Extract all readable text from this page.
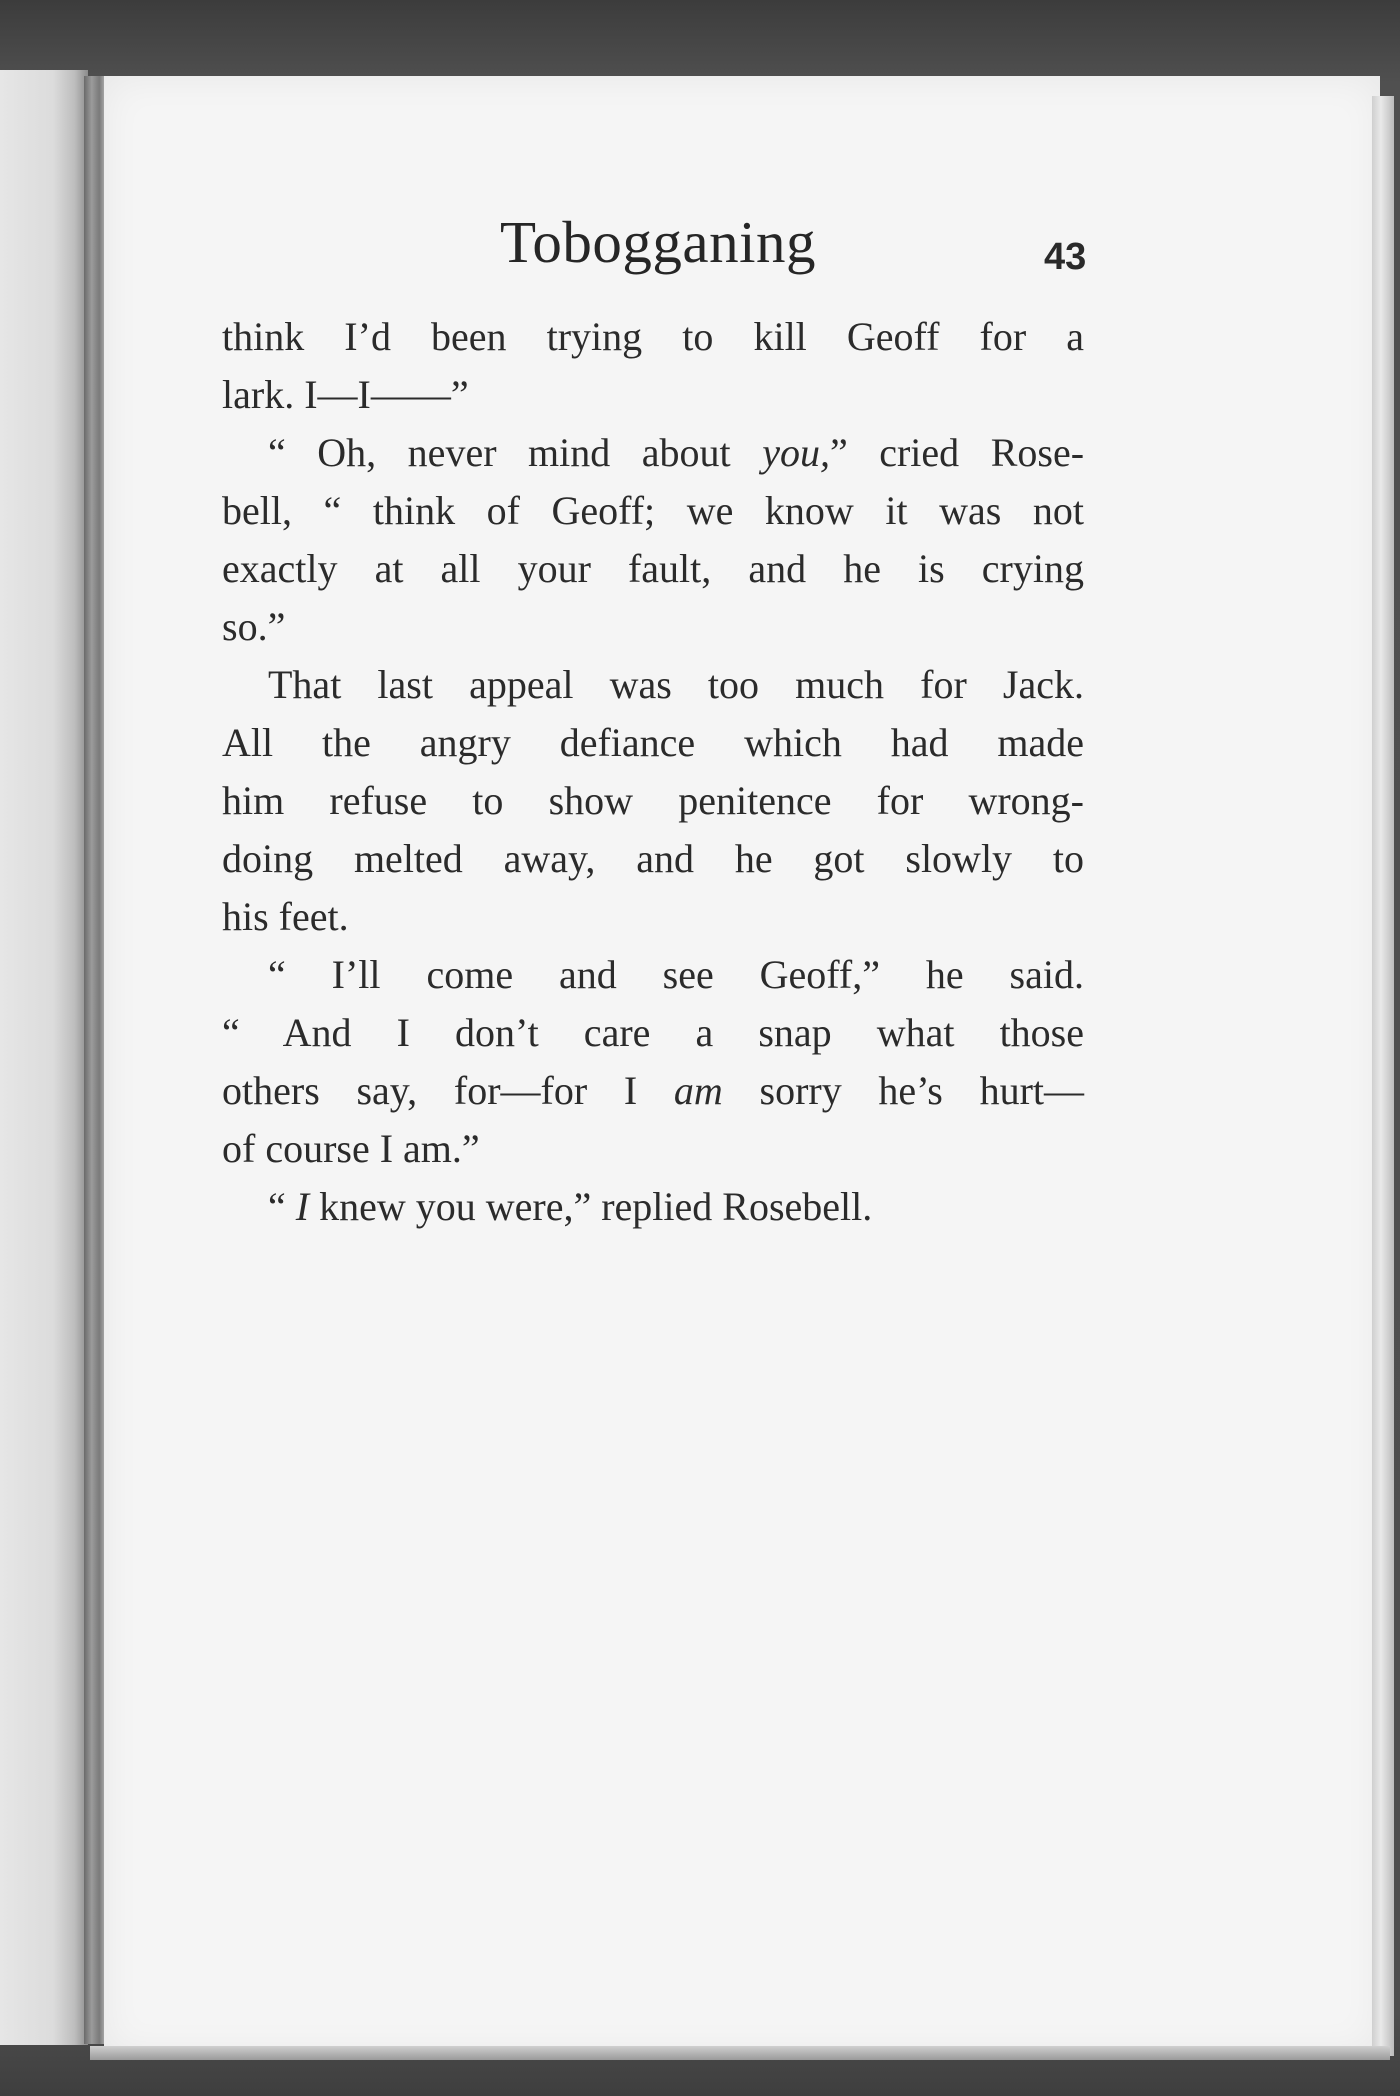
Tobogganing	43
think I’d been trying to kill Geoff for a
lark. I—I——”
“ Oh, never mind about you,” cried Rose-
bell, “ think of Geoff; we know it was not
exactly at all your fault, and he is crying
so.”
That last appeal was too much for Jack.
All the angry defiance which had made
him refuse to show penitence for wrong-
doing melted away, and he got slowly to
his feet.
“ I’ll come and see Geoff,” he said.
“ And I don’t care a snap what those
others say, for—for I am sorry he’s hurt—
of course I am.”
“ I knew you were,” replied Rosebell.
